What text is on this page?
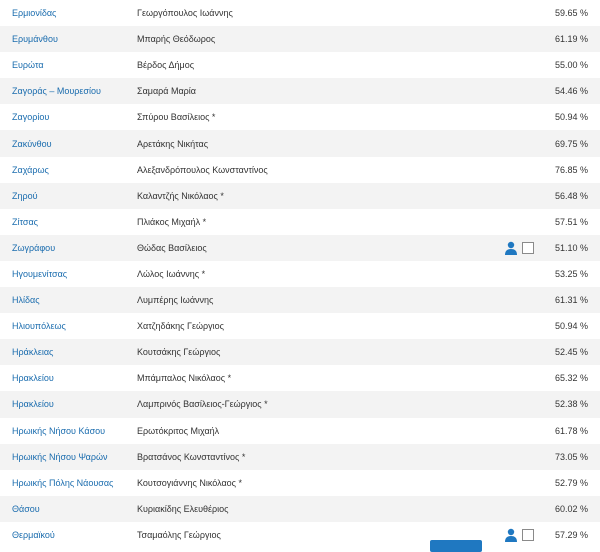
Ερμιονίδας	Γεωργόπουλος Ιωάννης	59.65 %
Ερυμάνθου	Μπαρής Θεόδωρος	61.19 %
Ευρώτα	Βέρδος Δήμος	55.00 %
Ζαγοράς – Μουρεσίου	Σαμαρά Μαρία	54.46 %
Ζαγορίου	Σπύρου Βασίλειος *	50.94 %
Ζακύνθου	Αρετάκης Νικήτας	69.75 %
Ζαχάρως	Αλεξανδρόπουλος Κωνσταντίνος	76.85 %
Ζηρού	Καλαντζής Νικόλαος *	56.48 %
Ζίτσας	Πλιάκος Μιχαήλ *	57.51 %
Ζωγράφου	Θώδας Βασίλειος	51.10 %
Ηγουμενίτσας	Λώλος Ιωάννης *	53.25 %
Ηλίδας	Λυμπέρης Ιωάννης	61.31 %
Ηλιουπόλεως	Χατζηδάκης Γεώργιος	50.94 %
Ηράκλειας	Κουτσάκης Γεώργιος	52.45 %
Ηρακλείου	Μπάμπαλος Νικόλαος *	65.32 %
Ηρακλείου	Λαμπρινός Βασίλειος-Γεώργιος *	52.38 %
Ηρωικής Νήσου Κάσου	Ερωτόκριτος Μιχαήλ	61.78 %
Ηρωικής Νήσου Ψαρών	Βρατσάνος Κωνσταντίνος *	73.05 %
Ηρωικής Πόλης Νάουσας	Κουτσογιάννης Νικόλαος *	52.79 %
Θάσου	Κυριακίδης Ελευθέριος	60.02 %
Θερμαϊκού	Τσαμαόλης Γεώργιος	57.29 %
